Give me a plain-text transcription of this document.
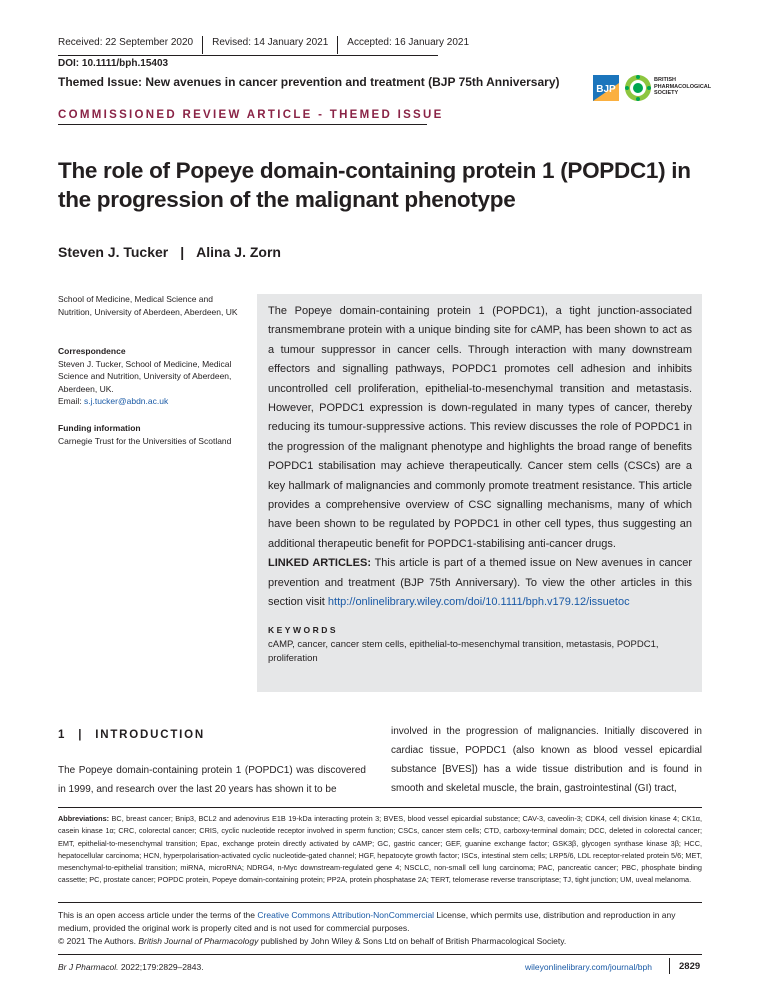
Received: 22 September 2020	Revised: 14 January 2021	Accepted: 16 January 2021
DOI: 10.1111/bph.15403
Themed Issue: New avenues in cancer prevention and treatment (BJP 75th Anniversary)
BJP
BRITISH PHARMACOLOGICAL SOCIETY
COMMISSIONED REVIEW ARTICLE - THEMED ISSUE
The role of Popeye domain-containing protein 1 (POPDC1) in the progression of the malignant phenotype
Steven J. Tucker | Alina J. Zorn
School of Medicine, Medical Science and Nutrition, University of Aberdeen, Aberdeen, UK
Correspondence
Steven J. Tucker, School of Medicine, Medical Science and Nutrition, University of Aberdeen, Aberdeen, UK.
Email: s.j.tucker@abdn.ac.uk
Funding information
Carnegie Trust for the Universities of Scotland

The Popeye domain-containing protein 1 (POPDC1), a tight junction-associated transmembrane protein with a unique binding site for cAMP, has been shown to act as a tumour suppressor in cancer cells. Through interaction with many downstream effectors and signalling pathways, POPDC1 promotes cell adhesion and inhibits uncontrolled cell proliferation, epithelial-to-mesenchymal transition and metastasis. However, POPDC1 expression is down-regulated in many types of cancer, thereby reducing its tumour-suppressive actions. This review discusses the role of POPDC1 in the progression of the malignant phenotype and highlights the broad range of benefits POPDC1 stabilisation may achieve therapeutically. Cancer stem cells (CSCs) are a key hallmark of malignancies and commonly promote treatment resistance. This article provides a comprehensive overview of CSC signalling mechanisms, many of which have been shown to be regulated by POPDC1 in other cell types, thus suggesting an additional therapeutic benefit for POPDC1-stabilising anti-cancer drugs.

LINKED ARTICLES: This article is part of a themed issue on New avenues in cancer prevention and treatment (BJP 75th Anniversary). To view the other articles in this section visit http://onlinelibrary.wiley.com/doi/10.1111/bph.v179.12/issuetoc

KEYWORDS
cAMP, cancer, cancer stem cells, epithelial-to-mesenchymal transition, metastasis, POPDC1, proliferation
1 | INTRODUCTION
The Popeye domain-containing protein 1 (POPDC1) was discovered in 1999, and research over the last 20 years has shown it to be
involved in the progression of malignancies. Initially discovered in cardiac tissue, POPDC1 (also known as blood vessel epicardial substance [BVES]) has a wide tissue distribution and is found in smooth and skeletal muscle, the brain, gastrointestinal (GI) tract,
Abbreviations: BC, breast cancer; Bnip3, BCL2 and adenovirus E1B 19-kDa interacting protein 3; BVES, blood vessel epicardial substance; CAV-3, caveolin-3; CDK4, cell division kinase 4; CK1α, casein kinase 1α; CRC, colorectal cancer; CRIS, cyclic nucleotide receptor involved in sperm function; CSCs, cancer stem cells; CTD, carboxy-terminal domain; DCC, deleted in colorectal cancer; EMT, epithelial-to-mesenchymal transition; Epac, exchange protein directly activated by cAMP; GC, gastric cancer; GEF, guanine exchange factor; GSK3β, glycogen synthase kinase 3β; HCC, hepatocellular carcinoma; HCN, hyperpolarisation-activated cyclic nucleotide-gated channel; HGF, hepatocyte growth factor; ISCs, intestinal stem cells; LRP5/6, LDL receptor-related protein 5/6; MET, mesenchymal-to-epithelial transition; miRNA, microRNA; NDRG4, n-Myc downstream-regulated gene 4; NSCLC, non-small cell lung carcinoma; PAC, pancreatic cancer; PBC, phosphate binding cassette; PC, prostate cancer; POPDC protein, Popeye domain-containing protein; PP2A, protein phosphatase 2A; TERT, telomerase reverse transcriptase; TJ, tight junction; UM, uveal melanoma.
This is an open access article under the terms of the Creative Commons Attribution-NonCommercial License, which permits use, distribution and reproduction in any medium, provided the original work is properly cited and is not used for commercial purposes.
© 2021 The Authors. British Journal of Pharmacology published by John Wiley & Sons Ltd on behalf of British Pharmacological Society.
Br J Pharmacol. 2022;179:2829–2843.	wileyonlinelibrary.com/journal/bph	2829
